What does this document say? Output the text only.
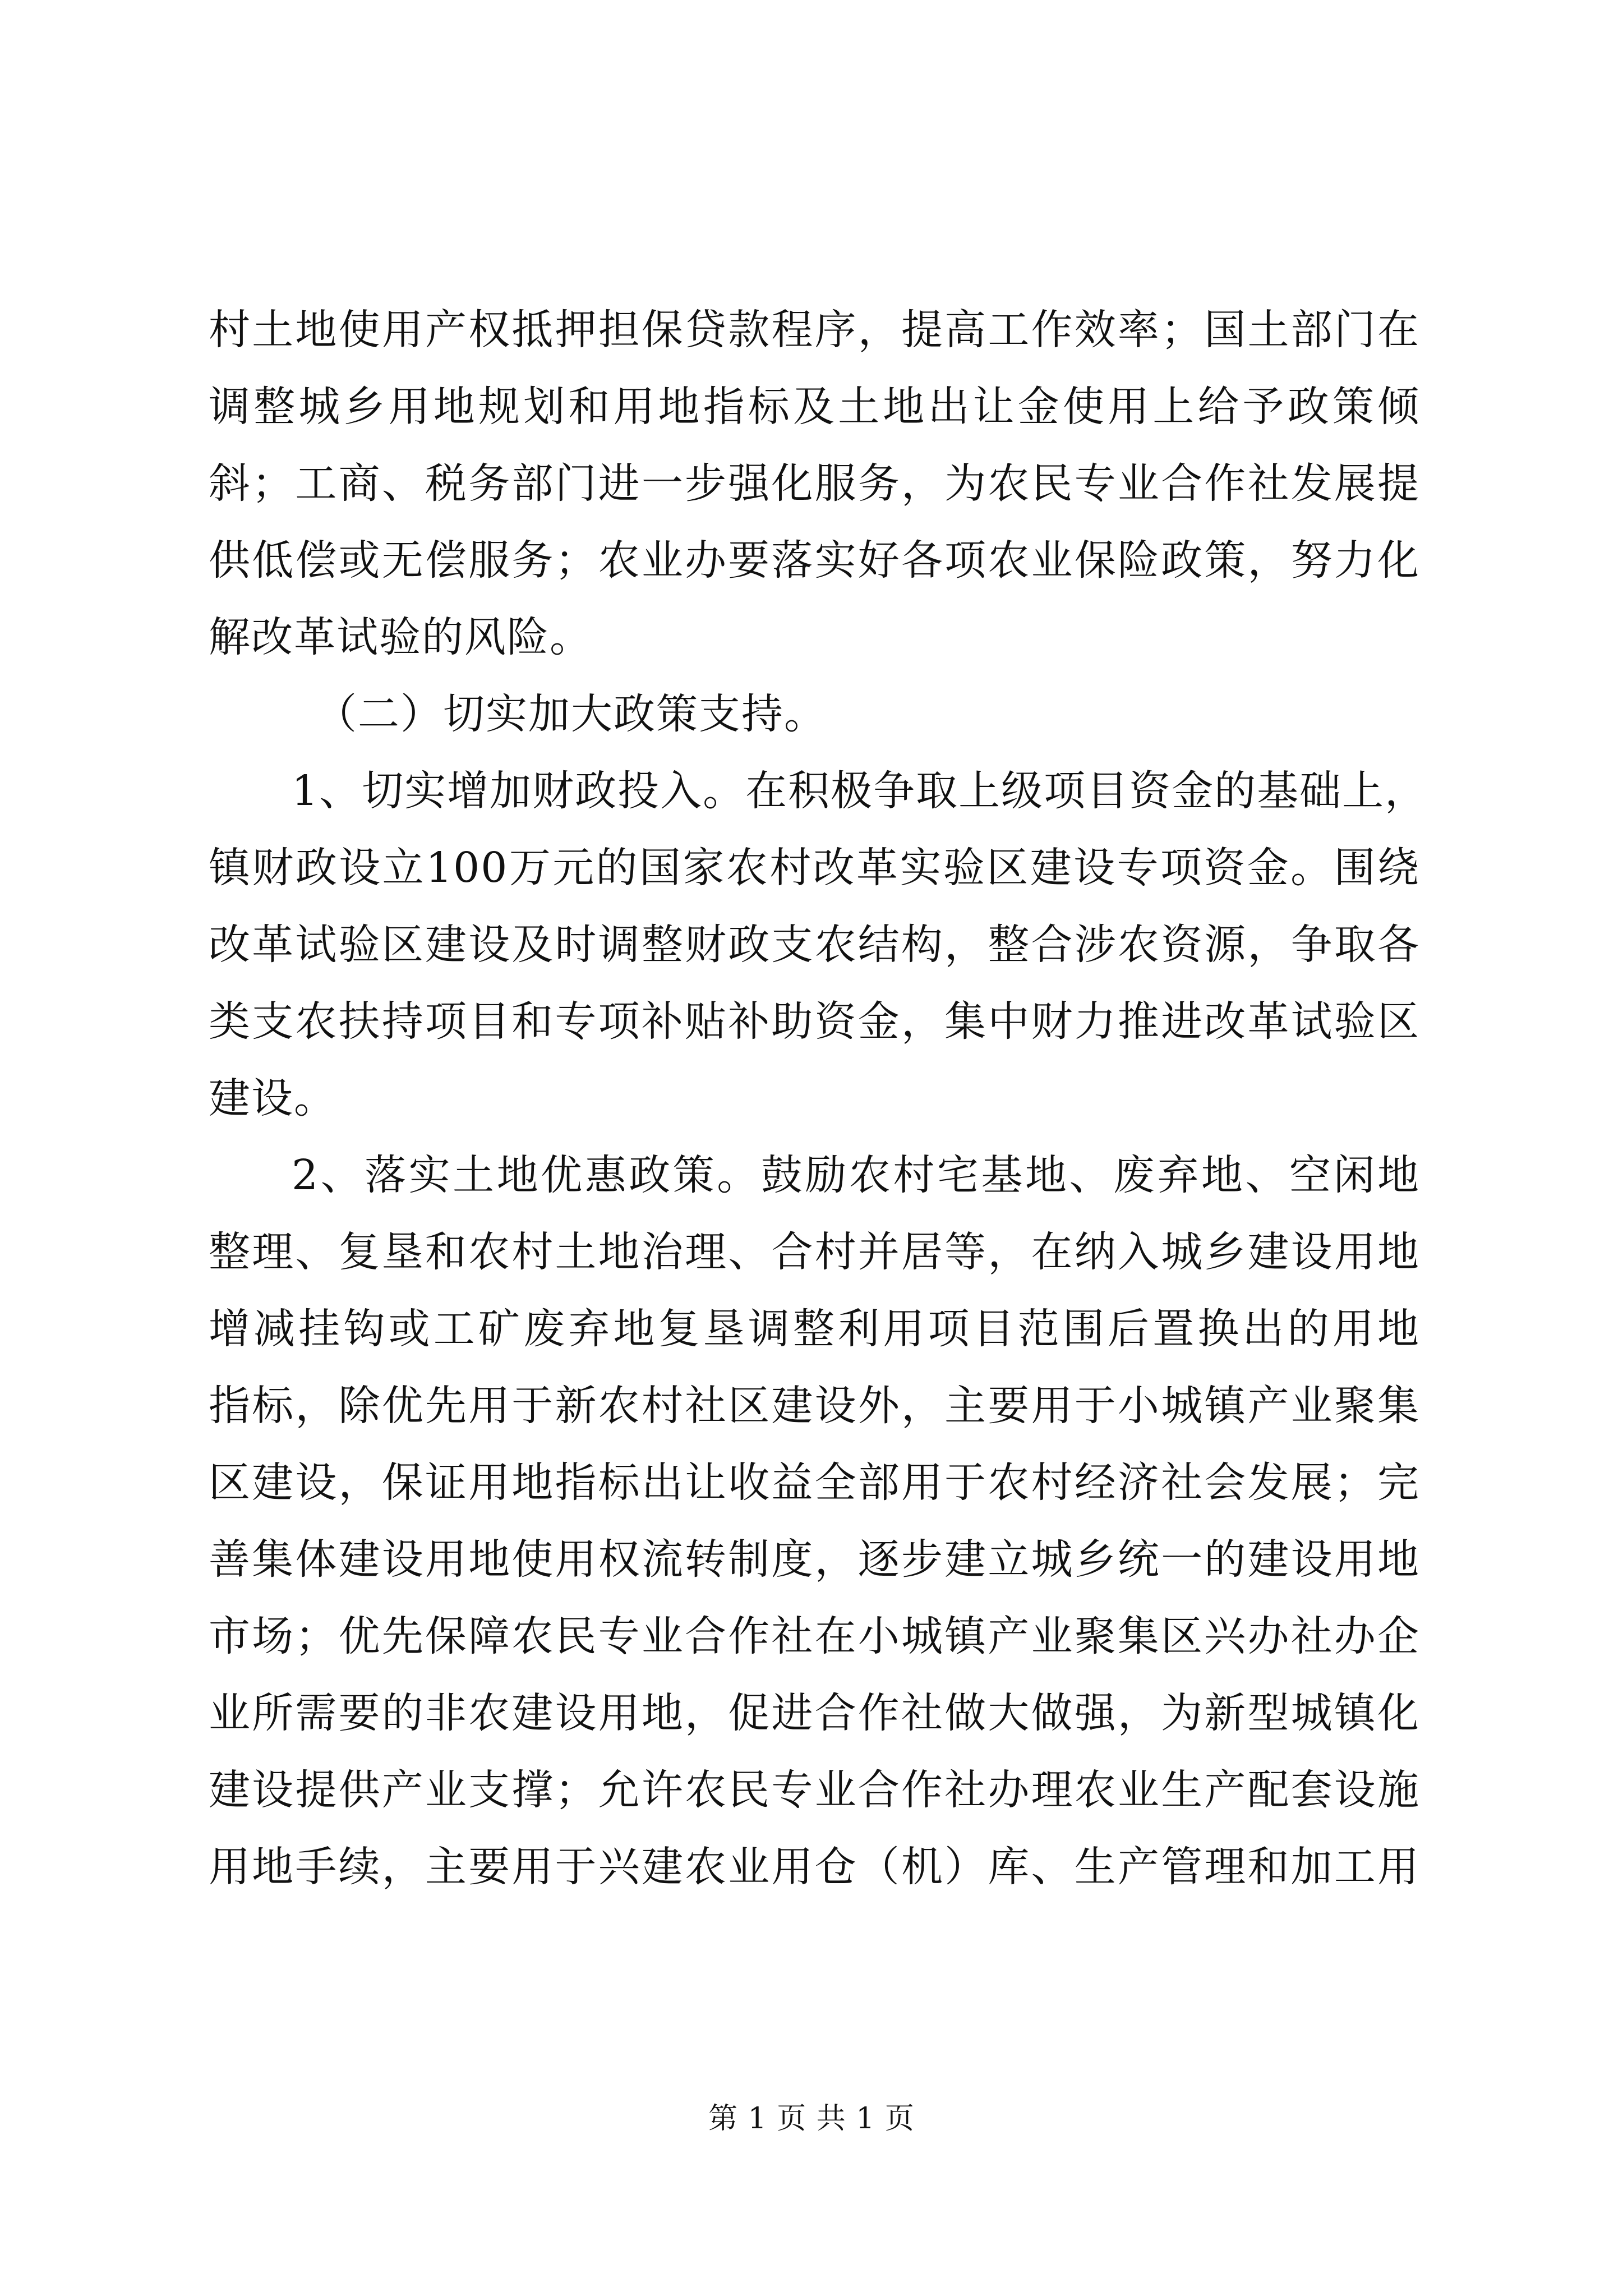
村土地使用产权抵押担保贷款程序，提高工作效率；国土部门在
调整城乡用地规划和用地指标及土地出让金使用上给予政策倾
斜；工商、税务部门进一步强化服务，为农民专业合作社发展提
供低偿或无偿服务；农业办要落实好各项农业保险政策，努力化
解改革试验的风险。
（二）切实加大政策支持。
1、切实增加财政投入。在积极争取上级项目资金的基础上，
镇财政设立100万元的国家农村改革实验区建设专项资金。围绕
改革试验区建设及时调整财政支农结构，整合涉农资源，争取各
类支农扶持项目和专项补贴补助资金，集中财力推进改革试验区
建设。
2、落实土地优惠政策。鼓励农村宅基地、废弃地、空闲地
整理、复垦和农村土地治理、合村并居等，在纳入城乡建设用地
增减挂钩或工矿废弃地复垦调整利用项目范围后置换出的用地
指标，除优先用于新农村社区建设外，主要用于小城镇产业聚集
区建设，保证用地指标出让收益全部用于农村经济社会发展；完
善集体建设用地使用权流转制度，逐步建立城乡统一的建设用地
市场；优先保障农民专业合作社在小城镇产业聚集区兴办社办企
业所需要的非农建设用地，促进合作社做大做强，为新型城镇化
建设提供产业支撑；允许农民专业合作社办理农业生产配套设施
用地手续，主要用于兴建农业用仓（机）库、生产管理和加工用
第 1 页 共 1 页
